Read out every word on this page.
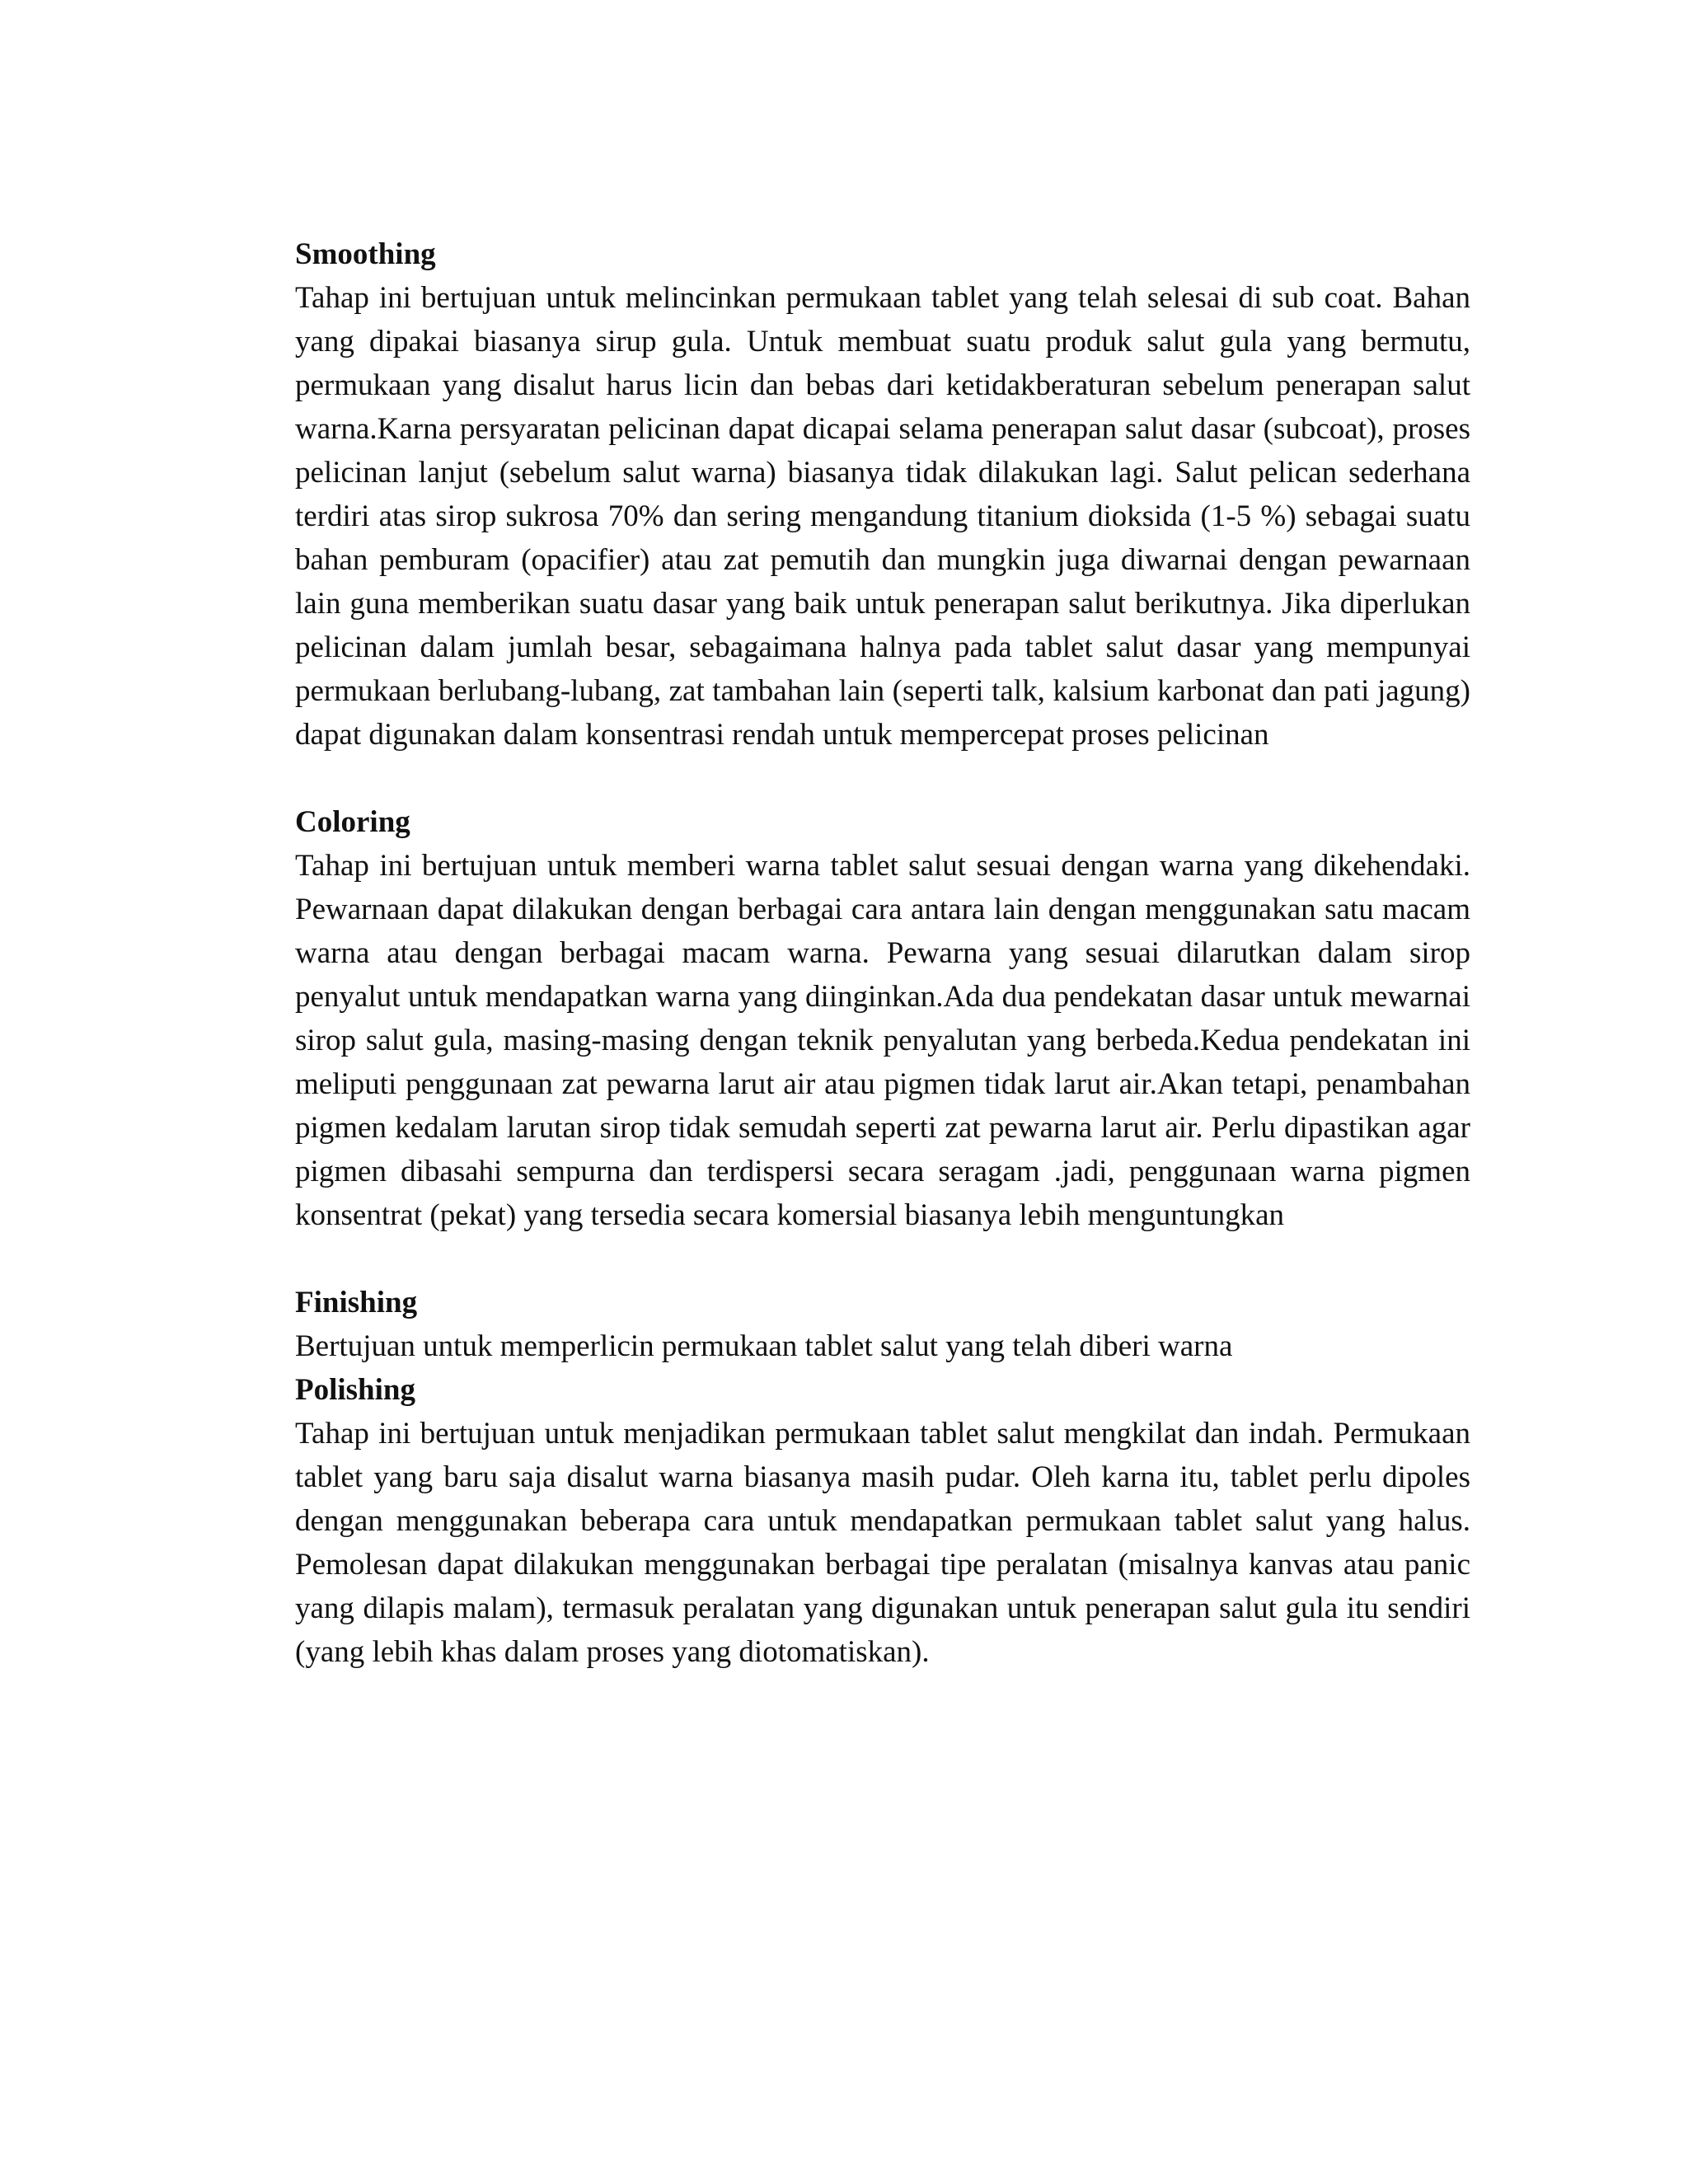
Smoothing

Tahap ini bertujuan untuk melincinkan permukaan tablet yang telah selesai di sub coat. Bahan yang dipakai biasanya sirup gula. Untuk membuat suatu produk salut gula yang bermutu, permukaan yang disalut harus licin dan bebas dari ketidakberaturan sebelum penerapan salut warna.Karna persyaratan pelicinan dapat dicapai selama penerapan salut dasar (subcoat), proses pelicinan lanjut (sebelum salut warna) biasanya tidak dilakukan lagi. Salut pelican sederhana terdiri atas sirop sukrosa 70% dan sering mengandung titanium dioksida (1-5 %) sebagai suatu bahan pemburam (opacifier) atau zat pemutih dan mungkin juga diwarnai dengan pewarnaan lain guna memberikan suatu dasar yang baik untuk penerapan salut berikutnya. Jika diperlukan pelicinan dalam jumlah besar, sebagaimana halnya pada tablet salut dasar yang mempunyai permukaan berlubang-lubang, zat tambahan lain (seperti talk, kalsium karbonat dan pati jagung) dapat digunakan dalam konsentrasi rendah untuk mempercepat proses pelicinan

Coloring

Tahap ini bertujuan untuk memberi warna tablet salut sesuai dengan warna yang dikehendaki. Pewarnaan dapat dilakukan dengan berbagai cara antara lain dengan menggunakan satu macam warna atau dengan berbagai macam warna. Pewarna yang sesuai dilarutkan dalam sirop penyalut untuk mendapatkan warna yang diinginkan.Ada dua pendekatan dasar untuk mewarnai sirop salut gula, masing-masing dengan teknik penyalutan yang berbeda.Kedua pendekatan ini meliputi penggunaan zat pewarna larut air atau pigmen tidak larut air.Akan tetapi, penambahan pigmen kedalam larutan sirop tidak semudah seperti zat pewarna larut air. Perlu dipastikan agar pigmen dibasahi sempurna dan terdispersi secara seragam .jadi, penggunaan warna pigmen konsentrat (pekat) yang tersedia secara komersial biasanya lebih menguntungkan

Finishing

Bertujuan untuk memperlicin permukaan tablet salut yang telah diberi warna

Polishing

Tahap ini bertujuan untuk menjadikan permukaan tablet salut mengkilat dan indah. Permukaan tablet yang baru saja disalut warna biasanya masih pudar. Oleh karna itu, tablet perlu dipoles dengan menggunakan beberapa cara untuk mendapatkan permukaan tablet salut yang halus. Pemolesan dapat dilakukan menggunakan berbagai tipe peralatan (misalnya kanvas atau panic yang dilapis malam), termasuk peralatan yang digunakan untuk penerapan salut gula itu sendiri (yang lebih khas dalam proses yang diotomatiskan).
